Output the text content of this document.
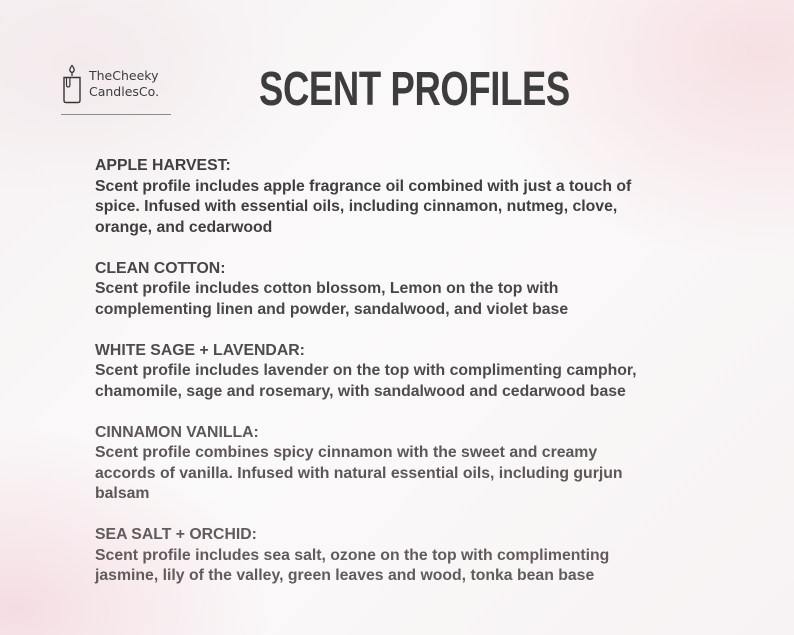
TheCheeky
CandlesCo. SCENT PROFILES

APPLE HARVEST:

Scent profile includes apple fragrance oil combined with just a touch of
spice. Infused with essential oils, including cinnamon, nutmeg, clove,
orange, and cedarwood

CLEAN COTTON:

Scent profile includes cotton blossom, Lemon on the top with
complementing linen and powder, sandalwood, and violet base

WHITE SAGE + LAVENDAR:

Scent profile includes lavender on the top with complimenting camphor,
chamomile, sage and rosemary, with sandalwood and cedarwood base

CINNAMON VANILLA:

Scent profile combines spicy cinnamon with the sweet and creamy
accords of vanilla. Infused with natural essential oils, including gurjun
balsam

SEA SALT + ORCHID:

Scent profile includes sea salt, ozone on the top with complimenting
jasmine, lily of the valley, green leaves and wood, tonka bean base
